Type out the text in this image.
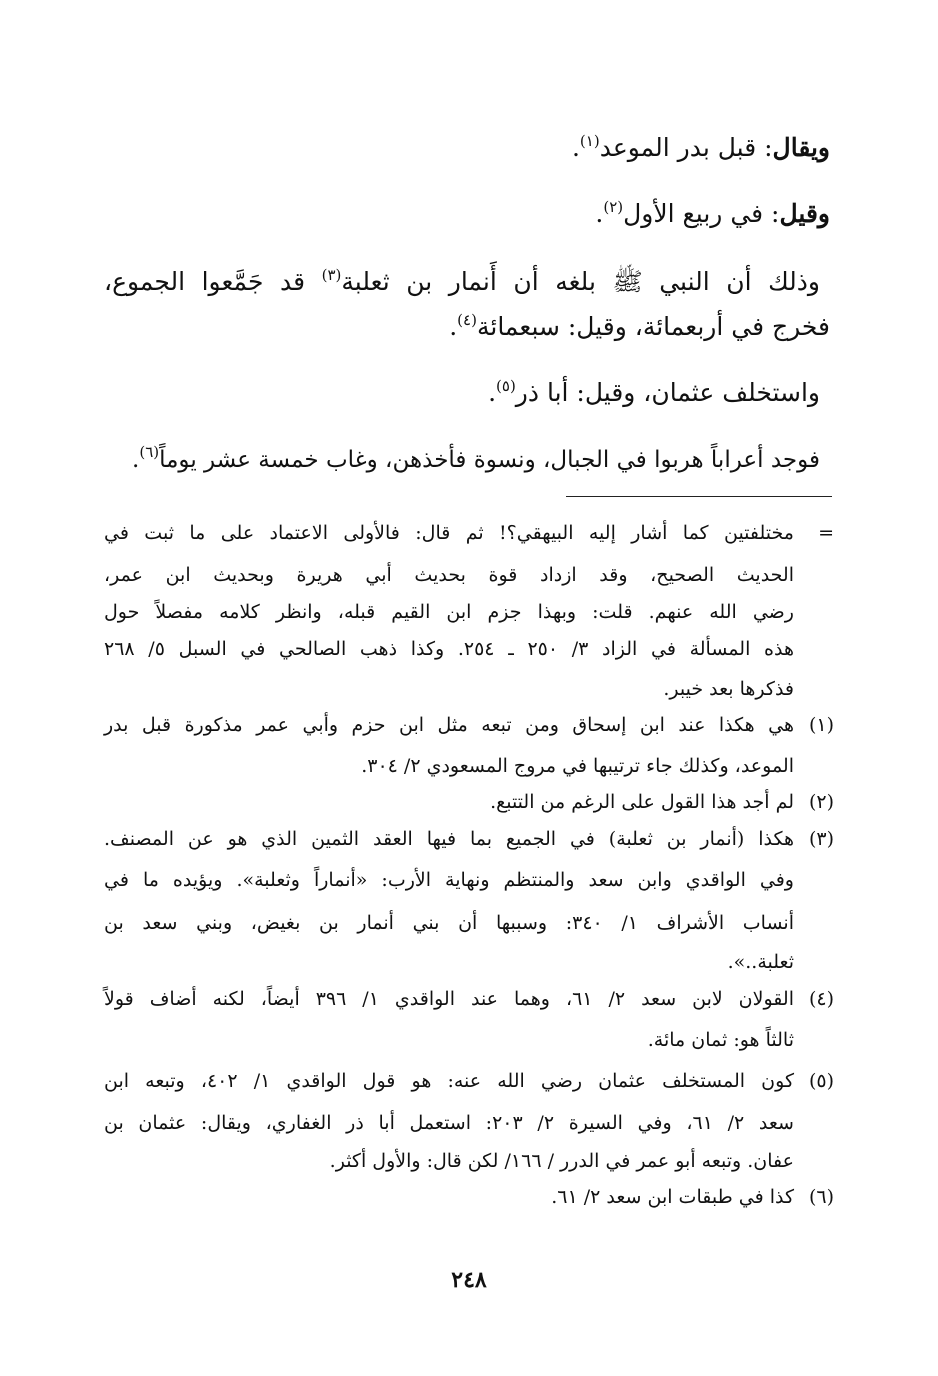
ويقال: قبل بدر الموعد$^{(١)}$.
وقيل: في ربيع الأول$^{(٢)}$.
وذلك أن النبي ﷺ بلغه أن أَنمار بن ثعلبة$^{(٣)}$ قد جَمَّعوا الجموع،
فخرج في أربعمائة، وقيل: سبعمائة$^{(٤)}$.
واستخلف عثمان، وقيل: أبا ذر$^{(٥)}$.
فوجد أعراباً هربوا في الجبال، ونسوة فأخذهن، وغاب خمسة عشر يوماً$^{(٦)}$.
=
مختلفتين كما أشار إليه البيهقي؟! ثم قال: فالأولى الاعتماد على ما ثبت في
الحديث الصحيح، وقد ازداد قوة بحديث أبي هريرة وبحديث ابن عمر،
رضي الله عنهم. قلت: وبهذا جزم ابن القيم قبله، وانظر كلامه مفصلاً حول
هذه المسألة في الزاد ٣/ ٢٥٠ ـ ٢٥٤. وكذا ذهب الصالحي في السبل ٥/ ٢٦٨
فذكرها بعد خيبر.
(١)
هي هكذا عند ابن إسحاق ومن تبعه مثل ابن حزم وأبي عمر مذكورة قبل بدر
الموعد، وكذلك جاء ترتيبها في مروج المسعودي ٢/ ٣٠٤.
(٢)
لم أجد هذا القول على الرغم من التتبع.
(٣)
هكذا (أنمار بن ثعلبة) في الجميع بما فيها العقد الثمين الذي هو عن المصنف.
وفي الواقدي وابن سعد والمنتظم ونهاية الأرب: «أنماراً وثعلبة». ويؤيده ما في
أنساب الأشراف ١/ ٣٤٠: وسببها أن بني أنمار بن بغيض، وبني سعد بن
ثعلبة..».
(٤)
القولان لابن سعد ٢/ ٦١، وهما عند الواقدي ١/ ٣٩٦ أيضاً، لكنه أضاف قولاً
ثالثاً هو: ثمان مائة.
(٥)
كون المستخلف عثمان رضي الله عنه: هو قول الواقدي ١/ ٤٠٢، وتبعه ابن
سعد ٢/ ٦١، وفي السيرة ٢/ ٢٠٣: استعمل أبا ذر الغفاري، ويقال: عثمان بن
عفان. وتبعه أبو عمر في الدرر / ١٦٦/ لكن قال: والأول أكثر.
(٦)
كذا في طبقات ابن سعد ٢/ ٦١.
٢٤٨
